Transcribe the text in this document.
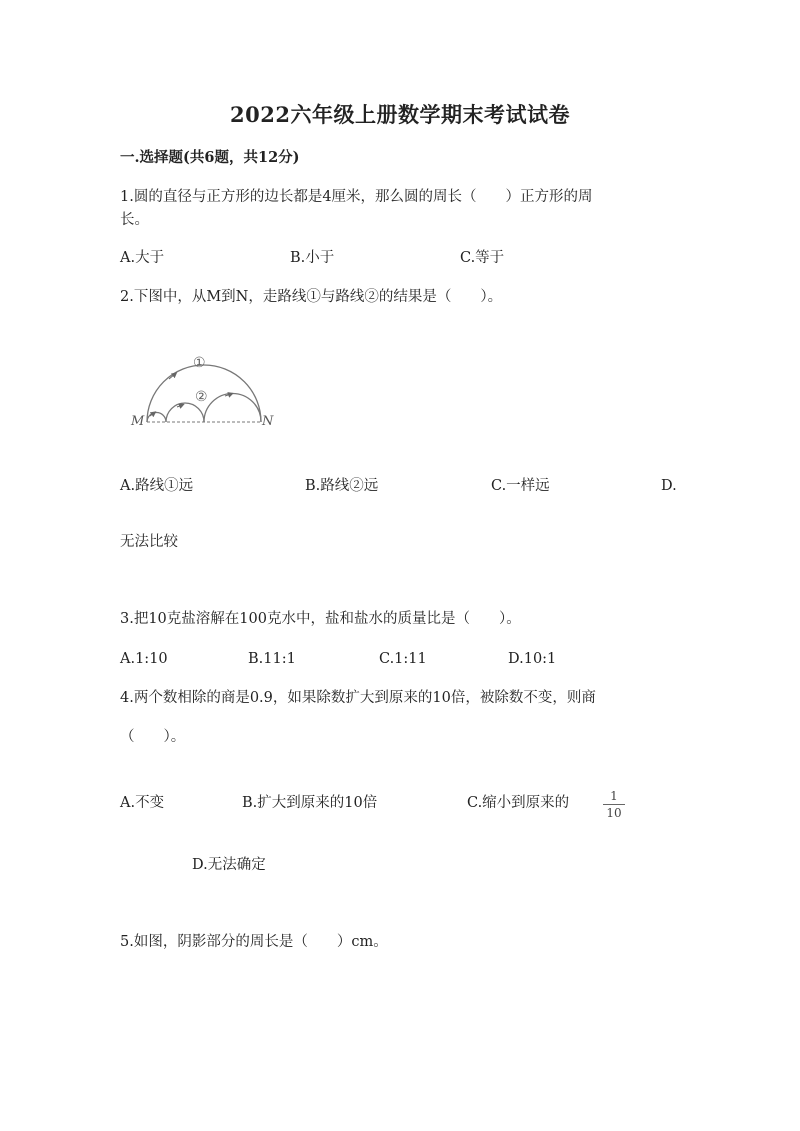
2022六年级上册数学期末考试试卷
一.选择题(共6题，共12分)
1.圆的直径与正方形的边长都是4厘米，那么圆的周长（　　）正方形的周
长。
A.大于	B.小于	C.等于
2.下图中，从M到N，走路线①与路线②的结果是（　　）。
①
②
M	N
A.路线①远	B.路线②远	C.一样远	D.
无法比较
3.把10克盐溶解在100克水中，盐和盐水的质量比是（　　）。
A.1:10	B.11:1	C.1:11	D.10:1
4.两个数相除的商是0.9，如果除数扩大到原来的10倍，被除数不变，则商
（　　）。
A.不变	B.扩大到原来的10倍	C.缩小到原来的	1
10
D.无法确定
5.如图，阴影部分的周长是（　　）cm。
